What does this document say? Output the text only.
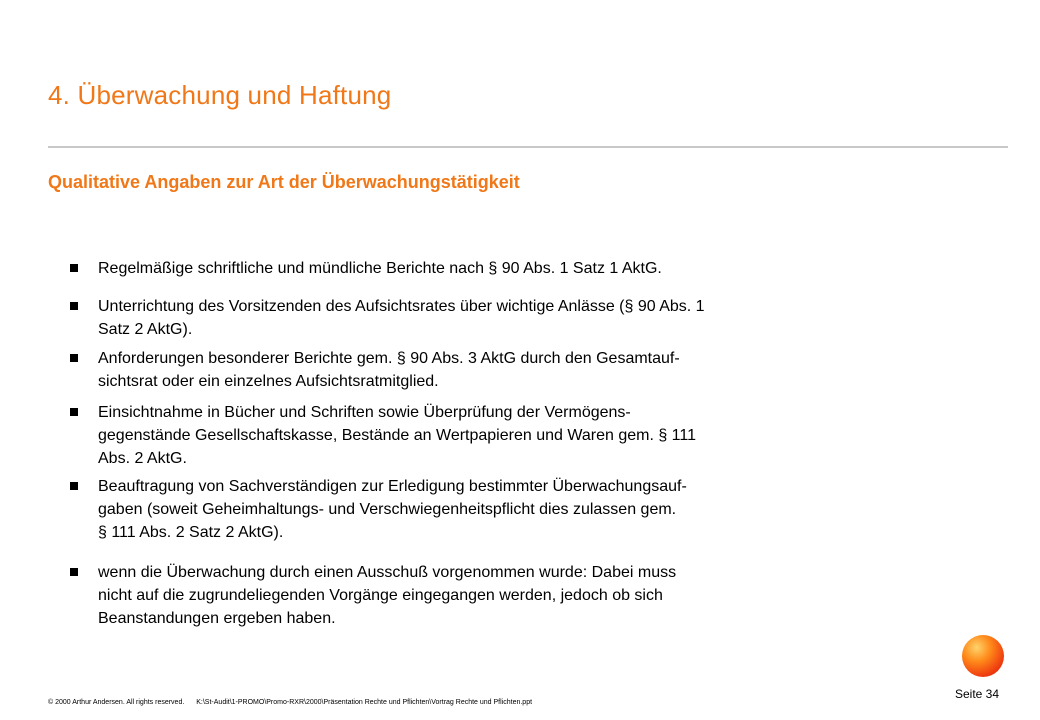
4. Überwachung und Haftung
Qualitative Angaben zur Art der Überwachungstätigkeit
Regelmäßige schriftliche und mündliche Berichte nach § 90 Abs. 1 Satz 1 AktG.
Unterrichtung des Vorsitzenden des Aufsichtsrates über wichtige Anlässe (§ 90 Abs. 1
Satz 2 AktG).
Anforderungen besonderer Berichte gem. § 90 Abs. 3 AktG durch den Gesamtauf-
sichtsrat oder ein einzelnes Aufsichtsratmitglied.
Einsichtnahme in Bücher und Schriften sowie Überprüfung der Vermögens-
gegenstände Gesellschaftskasse, Bestände an Wertpapieren und Waren gem. § 111
Abs. 2 AktG.
Beauftragung von Sachverständigen zur Erledigung bestimmter Überwachungsauf-
gaben (soweit Geheimhaltungs- und Verschwiegenheitspflicht dies zulassen gem.
§ 111 Abs. 2 Satz 2 AktG).
wenn die Überwachung durch einen Ausschuß vorgenommen wurde: Dabei muss
nicht auf die zugrundeliegenden Vorgänge eingegangen werden, jedoch ob sich
Beanstandungen ergeben haben.
© 2000 Arthur Andersen. All rights reserved. K:\St-Audit\1-PROMO\Promo-RXR\2000\Präsentation Rechte und Pflichten\Vortrag Rechte und Pflichten.ppt
Seite 34
